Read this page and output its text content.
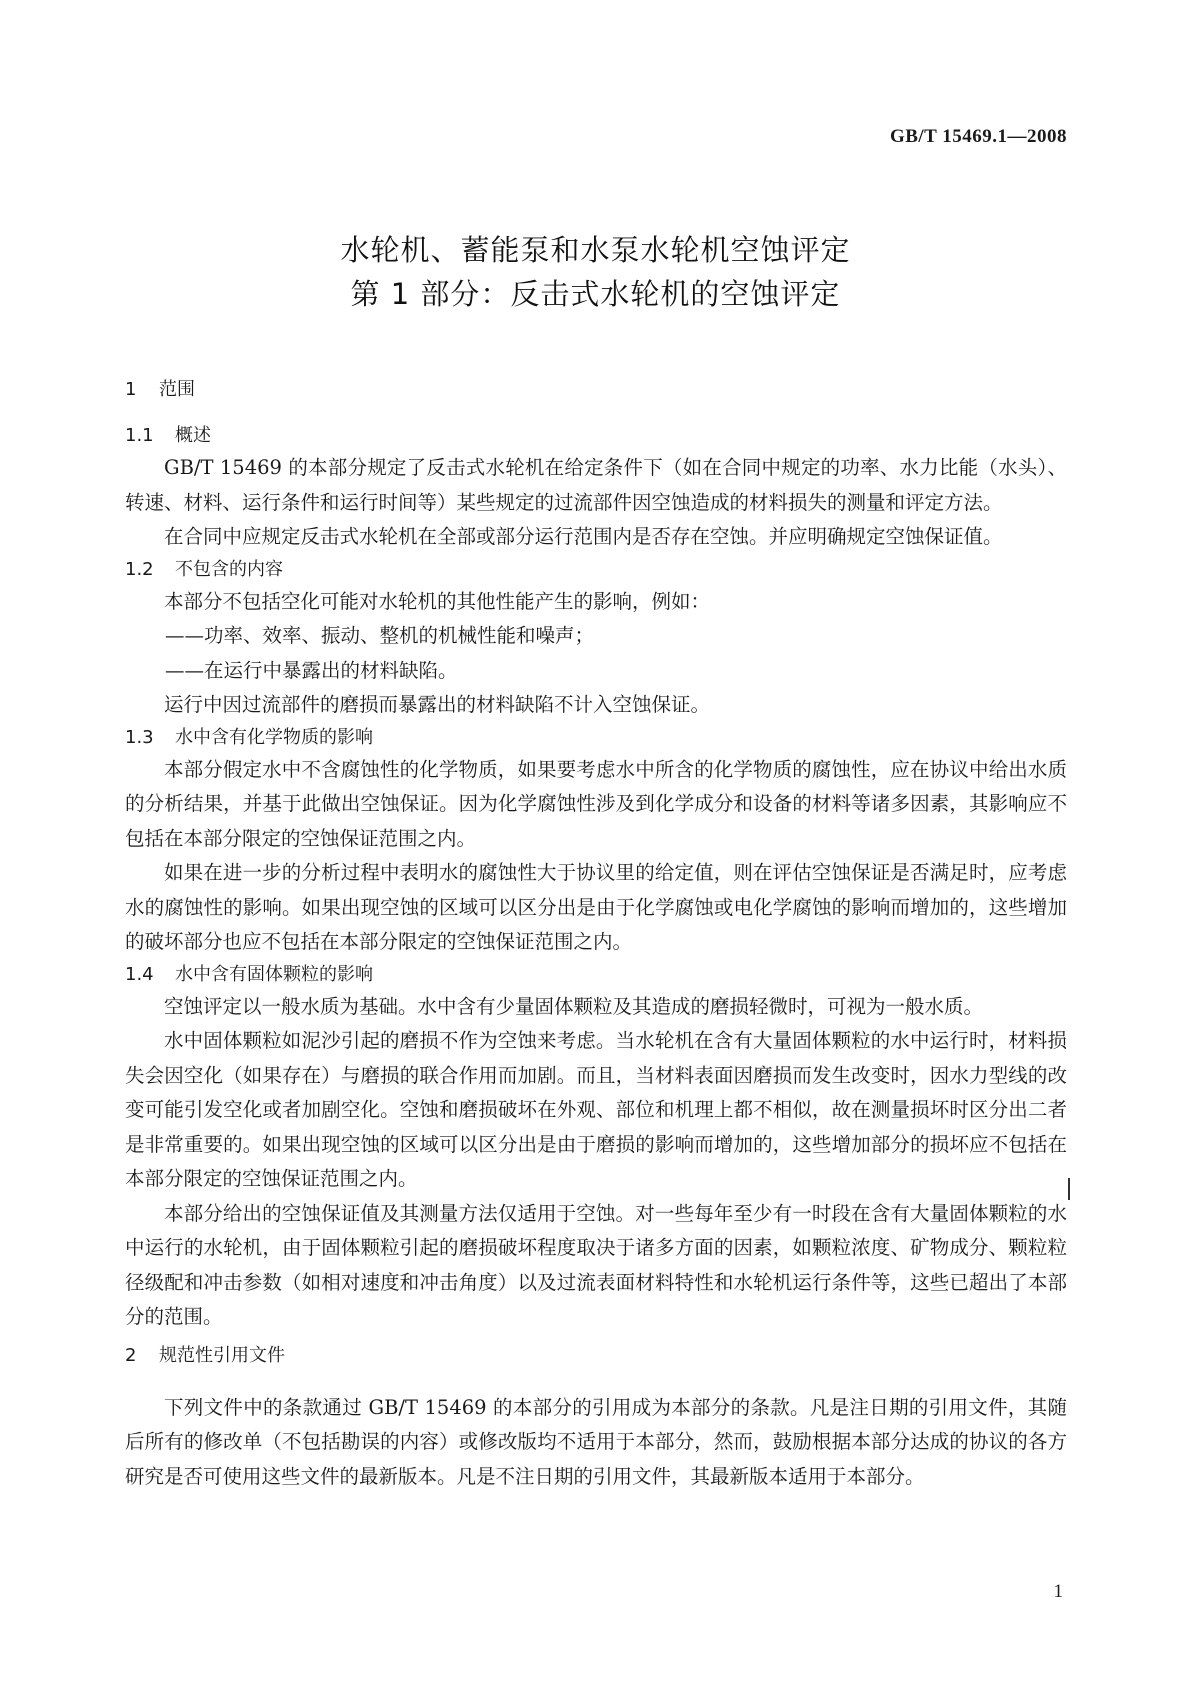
GB/T 15469.1—2008
水轮机、蓄能泵和水泵水轮机空蚀评定
第 1 部分：反击式水轮机的空蚀评定
1 范围
1.1 概述

GB/T 15469 的本部分规定了反击式水轮机在给定条件下（如在合同中规定的功率、水力比能（水头）、转速、材料、运行条件和运行时间等）某些规定的过流部件因空蚀造成的材料损失的测量和评定方法。

在合同中应规定反击式水轮机在全部或部分运行范围内是否存在空蚀。并应明确规定空蚀保证值。

1.2 不包含的内容

本部分不包括空化可能对水轮机的其他性能产生的影响，例如：

——功率、效率、振动、整机的机械性能和噪声；

——在运行中暴露出的材料缺陷。

运行中因过流部件的磨损而暴露出的材料缺陷不计入空蚀保证。

1.3 水中含有化学物质的影响

本部分假定水中不含腐蚀性的化学物质，如果要考虑水中所含的化学物质的腐蚀性，应在协议中给出水质的分析结果，并基于此做出空蚀保证。因为化学腐蚀性涉及到化学成分和设备的材料等诸多因素，其影响应不包括在本部分限定的空蚀保证范围之内。

如果在进一步的分析过程中表明水的腐蚀性大于协议里的给定值，则在评估空蚀保证是否满足时，应考虑水的腐蚀性的影响。如果出现空蚀的区域可以区分出是由于化学腐蚀或电化学腐蚀的影响而增加的，这些增加的破坏部分也应不包括在本部分限定的空蚀保证范围之内。

1.4 水中含有固体颗粒的影响

空蚀评定以一般水质为基础。水中含有少量固体颗粒及其造成的磨损轻微时，可视为一般水质。

水中固体颗粒如泥沙引起的磨损不作为空蚀来考虑。当水轮机在含有大量固体颗粒的水中运行时，材料损失会因空化（如果存在）与磨损的联合作用而加剧。而且，当材料表面因磨损而发生改变时，因水力型线的改变可能引发空化或者加剧空化。空蚀和磨损破坏在外观、部位和机理上都不相似，故在测量损坏时区分出二者是非常重要的。如果出现空蚀的区域可以区分出是由于磨损的影响而增加的，这些增加部分的损坏应不包括在本部分限定的空蚀保证范围之内。

本部分给出的空蚀保证值及其测量方法仅适用于空蚀。对一些每年至少有一时段在含有大量固体颗粒的水中运行的水轮机，由于固体颗粒引起的磨损破坏程度取决于诸多方面的因素，如颗粒浓度、矿物成分、颗粒粒径级配和冲击参数（如相对速度和冲击角度）以及过流表面材料特性和水轮机运行条件等，这些已超出了本部分的范围。

2 规范性引用文件

下列文件中的条款通过 GB/T 15469 的本部分的引用成为本部分的条款。凡是注日期的引用文件，其随后所有的修改单（不包括勘误的内容）或修改版均不适用于本部分，然而，鼓励根据本部分达成的协议的各方研究是否可使用这些文件的最新版本。凡是不注日期的引用文件，其最新版本适用于本部分。

1
